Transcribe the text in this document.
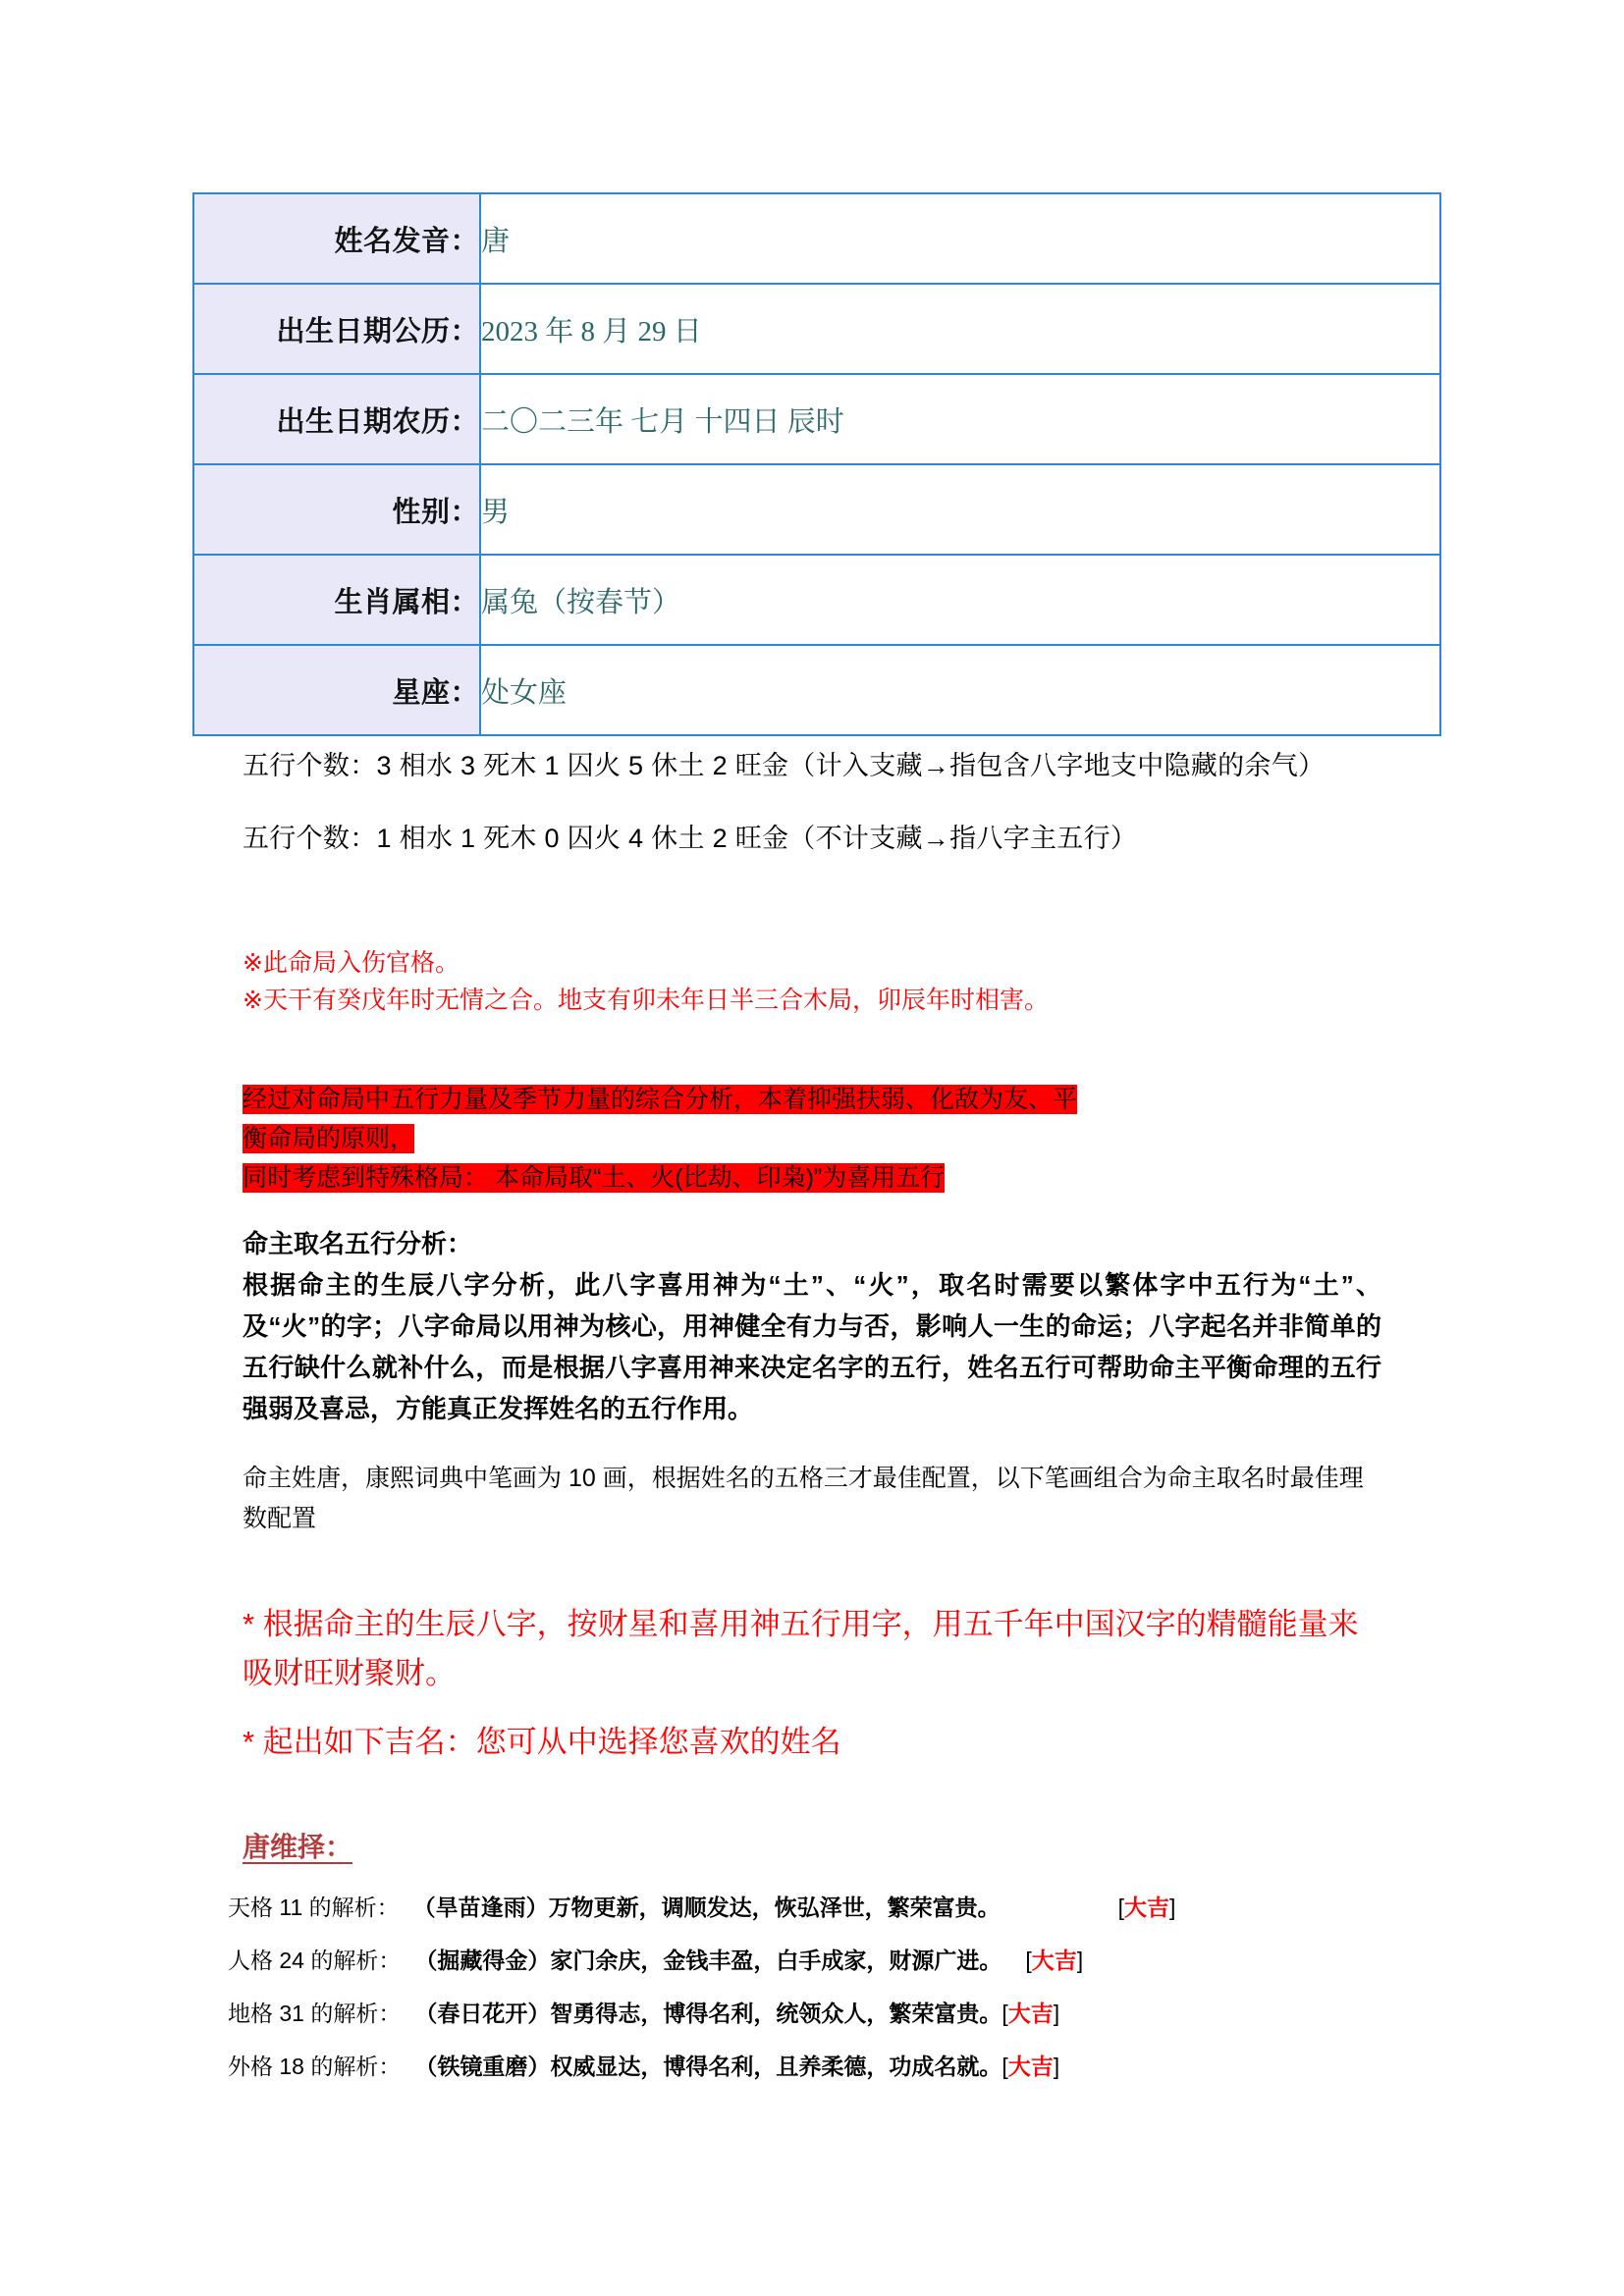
姓名发音：	唐

出生日期公历：	2023 年 8 月 29 日

出生日期农历：	二〇二三年 七月 十四日 辰时

性别：	男

生肖属相：	属兔（按春节）

星座：	处女座
五行个数：3 相水 3 死木 1 囚火 5 休土 2 旺金（计入支藏→指包含八字地支中隐藏的余气）
五行个数：1 相水 1 死木 0 囚火 4 休土 2 旺金（不计支藏→指八字主五行）
※此命局入伤官格。
※天干有癸戊年时无情之合。地支有卯未年日半三合木局，卯辰年时相害。
经过对命局中五行力量及季节力量的综合分析，本着抑强扶弱、化敌为友、平衡命局的原则，
同时考虑到特殊格局： 本命局取“土、火(比劫、印枭)”为喜用五行
命主取名五行分析：
根据命主的生辰八字分析，此八字喜用神为“土”、“火”，取名时需要以繁体字中五行为“土”、及“火”的字；八字命局以用神为核心，用神健全有力与否，影响人一生的命运；八字起名并非简单的五行缺什么就补什么，而是根据八字喜用神来决定名字的五行，姓名五行可帮助命主平衡命理的五行强弱及喜忌，方能真正发挥姓名的五行作用。
命主姓唐，康熙词典中笔画为 10 画，根据姓名的五格三才最佳配置，以下笔画组合为命主取名时最佳理数配置
* 根据命主的生辰八字，按财星和喜用神五行用字，用五千年中国汉字的精髓能量来吸财旺财聚财。
* 起出如下吉名：您可从中选择您喜欢的姓名
唐维择：
天格 11 的解析： （旱苗逢雨）万物更新，调顺发达，恢弘泽世，繁荣富贵。	[大吉]
人格 24 的解析： （掘藏得金）家门余庆，金钱丰盈，白手成家，财源广进。 [大吉]
地格 31 的解析： （春日花开）智勇得志，博得名利，统领众人，繁荣富贵。 [大吉]
外格 18 的解析： （铁镜重磨）权威显达，博得名利，且养柔德，功成名就。 [大吉]
